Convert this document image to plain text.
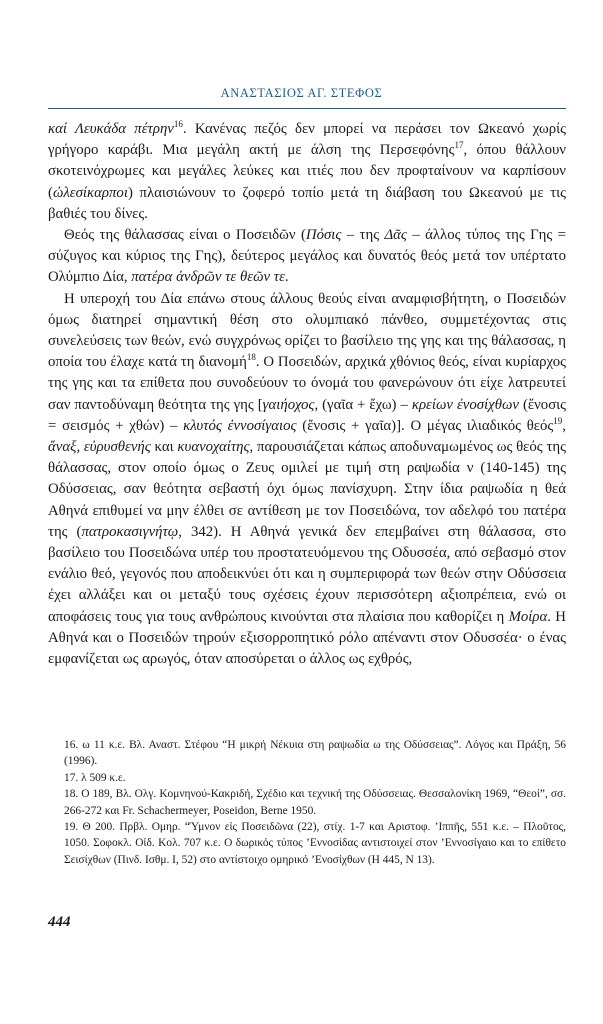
ΑΝΑΣΤΑΣΙΟΣ ΑΓ. ΣΤΕΦΟΣ

καί Λευκάδα πέτρην$^{16}$. Κανένας πεζός δεν μπορεί να περάσει τον Ωκεανό χωρίς γρήγορο καράβι. Μια μεγάλη ακτή με άλση της Περσεφόνης$^{17}$, όπου θάλλουν σκοτεινόχρωμες και μεγάλες λεύκες και ιτιές που δεν προφταίνουν να καρπίσουν (ὠλεσίκαρποι) πλαισιώνουν το ζοφερό τοπίο μετά τη διάβαση του Ωκεανού με τις βαθιές του δίνες.

Θεός της θάλασσας είναι ο Ποσειδῶν (Πόσις – της Δᾶς – άλλος τύπος της Γης = σύζυγος και κύριος της Γης), δεύτερος μεγάλος και δυνατός θεός μετά τον υπέρτατο Ολύμπιο Δία, πατέρα ἀνδρῶν τε θεῶν τε.

Η υπεροχή του Δία επάνω στους άλλους θεούς είναι αναμφισβήτητη, ο Ποσειδών όμως διατηρεί σημαντική θέση στο ολυμπιακό πάνθεο, συμμετέχοντας στις συνελεύσεις των θεών, ενώ συγχρόνως ορίζει το βασίλειο της γης και της θάλασσας, η οποία του έλαχε κατά τη διανομή$^{18}$. Ο Ποσειδών, αρχικά χθόνιος θεός, είναι κυρίαρχος της γης και τα επίθετα που συνοδεύουν το όνομά του φανερώνουν ότι είχε λατρευτεί σαν παντοδύναμη θεότητα της γης [γαιήοχος, (γαῖα + ἔχω) – κρείων ἐνοσίχθων (ἔνοσις = σεισμός + χθών) – κλυτός ἐννοσίγαιος (ἔνοσις + γαῖα)]. Ο μέγας ιλιαδικός θεός$^{19}$, ἄναξ, εὐρυσθενής και κυανοχαίτης, παρουσιάζεται κάπως αποδυναμωμένος ως θεός της θάλασσας, στον οποίο όμως ο Ζευς ομιλεί με τιμή στη ραψωδία ν (140-145) της Οδύσσειας, σαν θεότητα σεβαστή όχι όμως πανίσχυρη. Στην ίδια ραψωδία η θεά Αθηνά επιθυμεί να μην έλθει σε αντίθεση με τον Ποσειδώνα, τον αδελφό του πατέρα της (πατροκασιγνήτῳ, 342). Η Αθηνά γενικά δεν επεμβαίνει στη θάλασσα, στο βασίλειο του Ποσειδώνα υπέρ του προστατευόμενου της Οδυσσέα, από σεβασμό στον ενάλιο θεό, γεγονός που αποδεικνύει ότι και η συμπεριφορά των θεών στην Οδύσσεια έχει αλλάξει και οι μεταξύ τους σχέσεις έχουν περισσότερη αξιοπρέπεια, ενώ οι αποφάσεις τους για τους ανθρώπους κινούνται στα πλαίσια που καθορίζει η Μοίρα. Η Αθηνά και ο Ποσειδών τηρούν εξισορροπητικό ρόλο απέναντι στον Οδυσσέα· ο ένας εμφανίζεται ως αρωγός, όταν αποσύρεται ο άλλος ως εχθρός,

16. ω 11 κ.ε. Βλ. Αναστ. Στέφου “Η μικρή Νέκυια στη ραψωδία ω της Οδύσσειας”. Λόγος και Πράξη, 56 (1996).

17. λ 509 κ.ε.

18. Ο 189, Βλ. Ολγ. Κομνηνού-Κακριδή, Σχέδιο και τεχνική της Οδύσσειας. Θεσσαλονίκη 1969, “Θεοί”, σσ. 266-272 και Fr. Schachermeyer, Poseidon, Berne 1950.

19. Θ 200. Πρβλ. Ομηρ. “Ύμνον εἰς Ποσειδῶνα (22), στίχ. 1-7 και Αριστοφ. ’Ιππῆς, 551 κ.ε. – Πλοῦτος, 1050. Σοφοκλ. Οἰδ. Κολ. 707 κ.ε. Ο δωρικός τύπος ’Εννοσίδας αντιστοιχεί στον ’Εννοσίγαιο και το επίθετο Σεισίχθων (Πινδ. Ισθμ. Ι, 52) στο αντίστοιχο ομηρικό ’Ενοσίχθων (Η 445, Ν 13).

444
